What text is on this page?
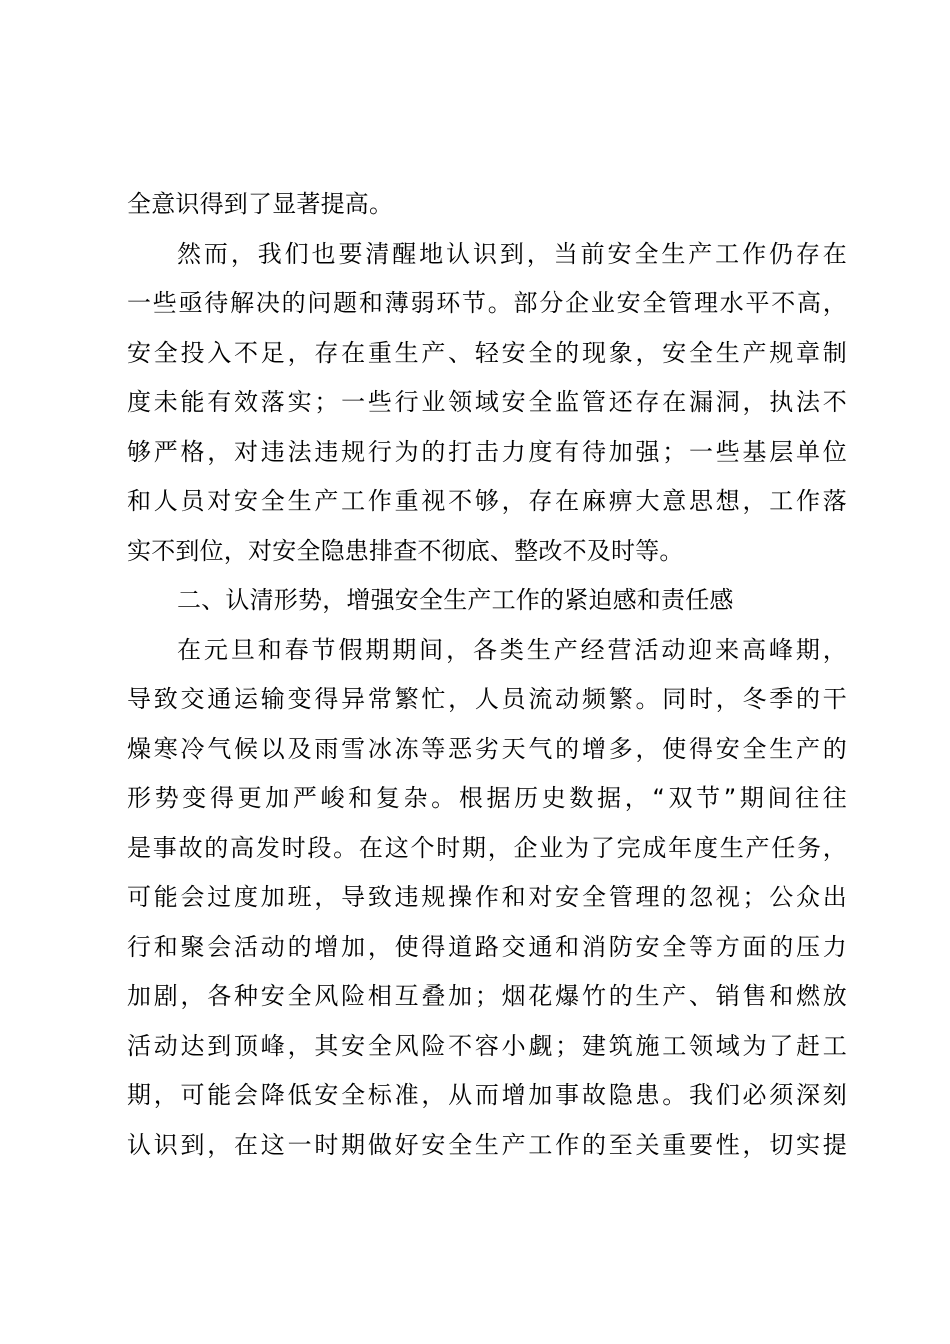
全意识得到了显著提高。
然而，我们也要清醒地认识到，当前安全生产工作仍存在
一些亟待解决的问题和薄弱环节。部分企业安全管理水平不高，
安全投入不足，存在重生产、轻安全的现象，安全生产规章制
度未能有效落实；一些行业领域安全监管还存在漏洞，执法不
够严格，对违法违规行为的打击力度有待加强；一些基层单位
和人员对安全生产工作重视不够，存在麻痹大意思想，工作落
实不到位，对安全隐患排查不彻底、整改不及时等。
二、认清形势，增强安全生产工作的紧迫感和责任感
在元旦和春节假期期间，各类生产经营活动迎来高峰期，
导致交通运输变得异常繁忙，人员流动频繁。同时，冬季的干
燥寒冷气候以及雨雪冰冻等恶劣天气的增多，使得安全生产的
形势变得更加严峻和复杂。根据历史数据，“双节”期间往往
是事故的高发时段。在这个时期，企业为了完成年度生产任务，
可能会过度加班，导致违规操作和对安全管理的忽视；公众出
行和聚会活动的增加，使得道路交通和消防安全等方面的压力
加剧，各种安全风险相互叠加；烟花爆竹的生产、销售和燃放
活动达到顶峰，其安全风险不容小觑；建筑施工领域为了赶工
期，可能会降低安全标准，从而增加事故隐患。我们必须深刻
认识到，在这一时期做好安全生产工作的至关重要性，切实提
